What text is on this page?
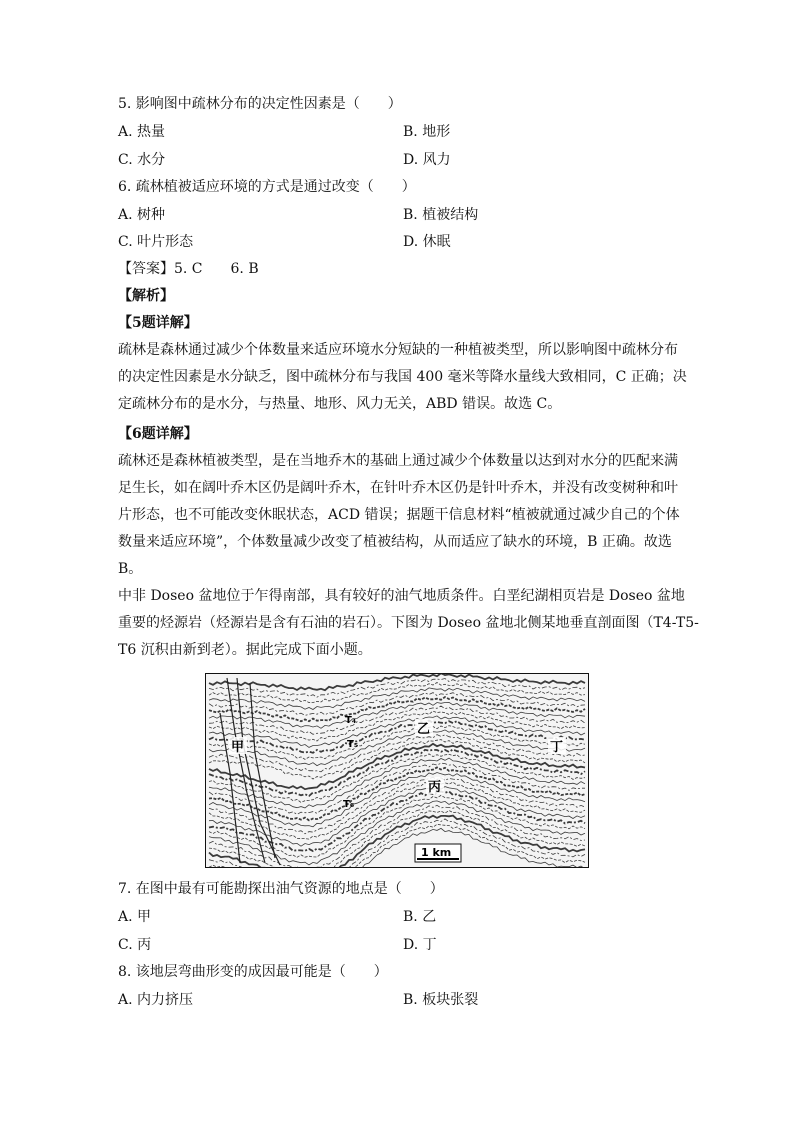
5. 影响图中疏林分布的决定性因素是（　　）
A. 热量	B. 地形
C. 水分	D. 风力
6. 疏林植被适应环境的方式是通过改变（　　）
A. 树种	B. 植被结构
C. 叶片形态	D. 休眠
【答案】5. C　　6. B
【解析】
【5题详解】
疏林是森林通过减少个体数量来适应环境水分短缺的一种植被类型，所以影响图中疏林分布
的决定性因素是水分缺乏，图中疏林分布与我国 400 毫米等降水量线大致相同，C 正确；决
定疏林分布的是水分，与热量、地形、风力无关，ABD 错误。故选 C。
【6题详解】
疏林还是森林植被类型，是在当地乔木的基础上通过减少个体数量以达到对水分的匹配来满
足生长，如在阔叶乔木区仍是阔叶乔木，在针叶乔木区仍是针叶乔木，并没有改变树种和叶
片形态，也不可能改变休眠状态，ACD 错误；据题干信息材料“植被就通过减少自己的个体
数量来适应环境”，个体数量减少改变了植被结构，从而适应了缺水的环境，B 正确。故选
B。
中非 Doseo 盆地位于乍得南部，具有较好的油气地质条件。白垩纪湖相页岩是 Doseo 盆地
重要的烃源岩（烃源岩是含有石油的岩石）。下图为 Doseo 盆地北侧某地垂直剖面图（T4-T5-
T6 沉积由新到老）。据此完成下面小题。
甲
乙
丙
丁
T₄
T₅
T₆
1 km
7. 在图中最有可能勘探出油气资源的地点是（　　）
A. 甲	B. 乙
C. 丙	D. 丁
8. 该地层弯曲形变的成因最可能是（　　）
A. 内力挤压	B. 板块张裂
